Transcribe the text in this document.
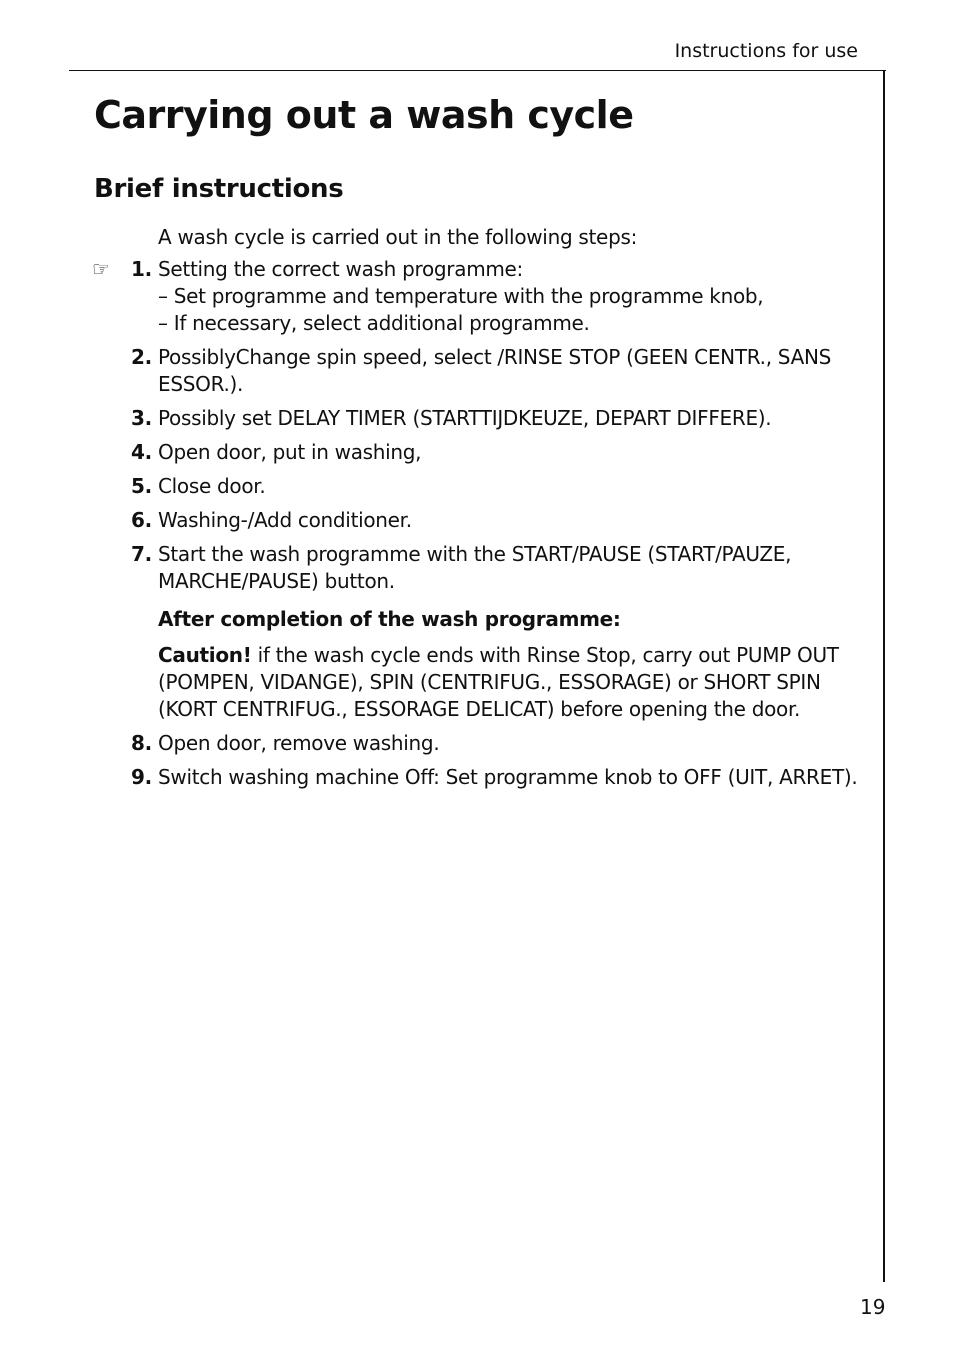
Instructions for use
Carrying out a wash cycle
Brief instructions
A wash cycle is carried out in the following steps:
☞ 1. Setting the correct wash programme:
– Set programme and temperature with the programme knob,
– If necessary, select additional programme.
2. PossiblyChange spin speed, select /RINSE STOP (GEEN CENTR., SANS ESSOR.).
3. Possibly set DELAY TIMER (STARTTIJDKEUZE, DEPART DIFFERE).
4. Open door, put in washing,
5. Close door.
6. Washing-/Add conditioner.
7. Start the wash programme with the START/PAUSE (START/PAUZE, MARCHE/PAUSE) button.
After completion of the wash programme:
Caution! if the wash cycle ends with Rinse Stop, carry out PUMP OUT (POMPEN, VIDANGE), SPIN (CENTRIFUG., ESSORAGE) or SHORT SPIN (KORT CENTRIFUG., ESSORAGE DELICAT) before opening the door.
8. Open door, remove washing.
9. Switch washing machine Off: Set programme knob to OFF (UIT, ARRET).
19
